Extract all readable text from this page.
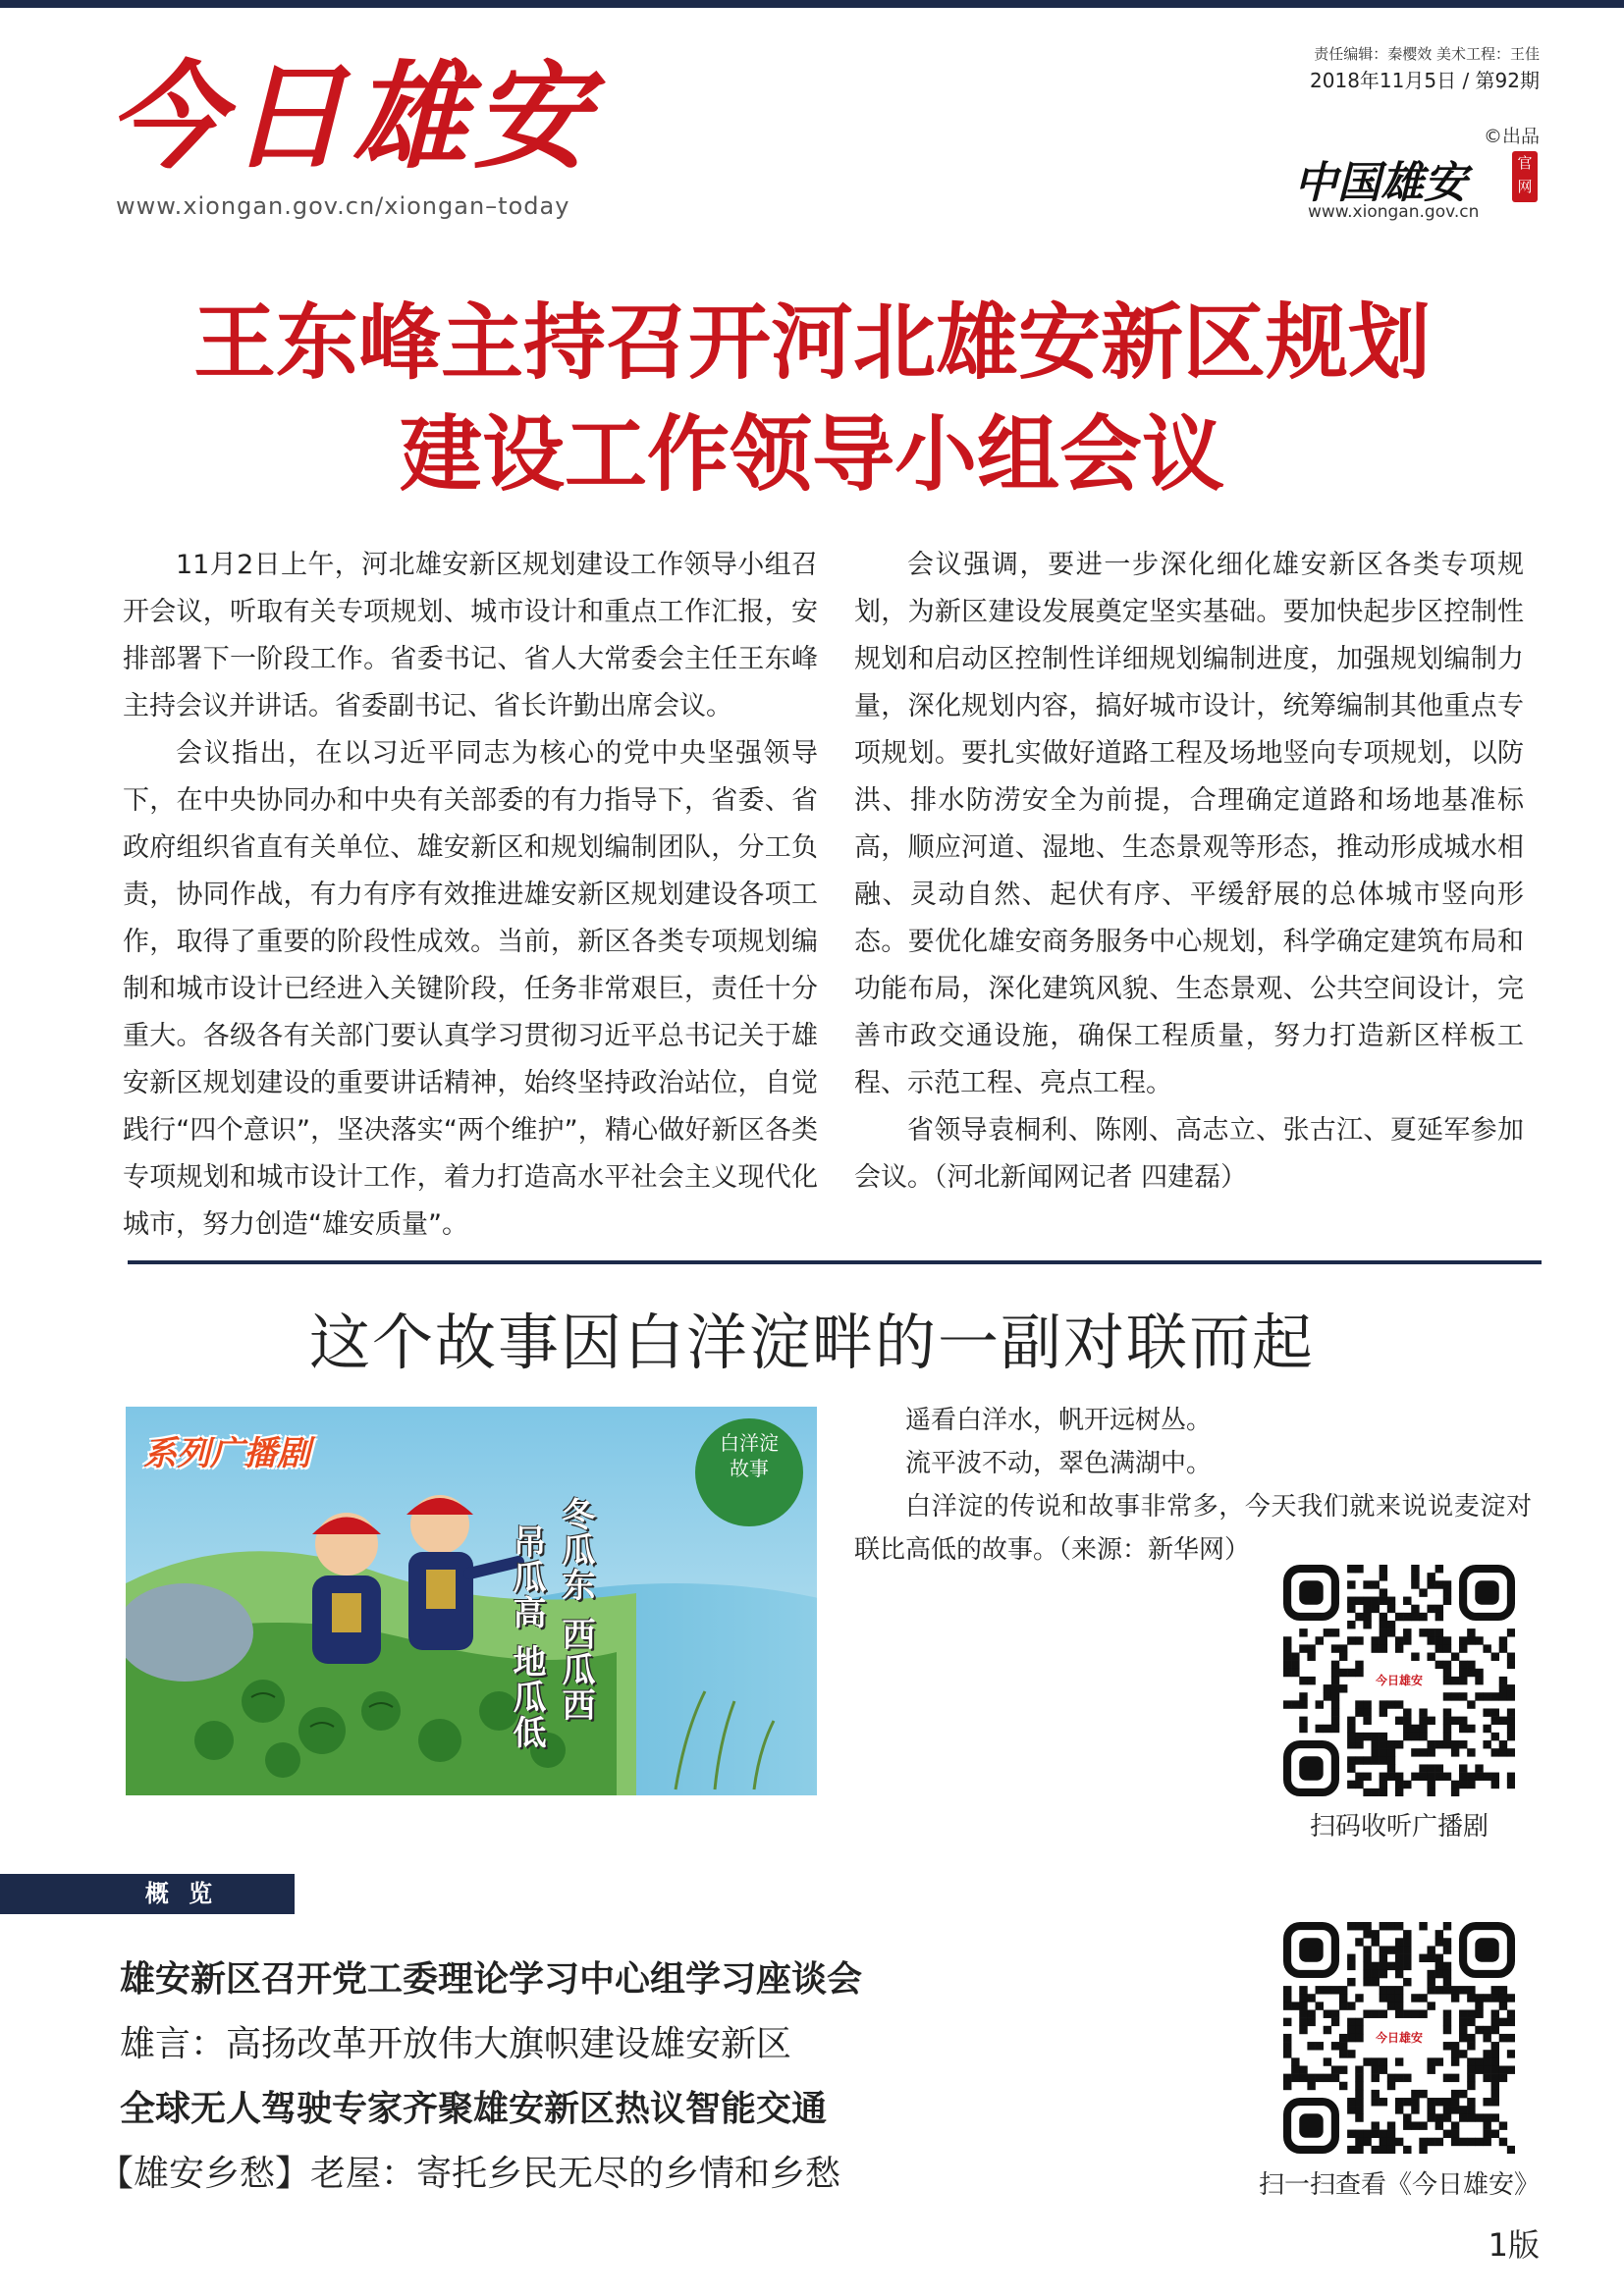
今日雄安
www.xiongan.gov.cn/xiongan–today
责任编辑：秦樱效 美术工程：王佳
2018年11月5日 / 第92期
©出品
中国雄安	官网
www.xiongan.gov.cn
王东峰主持召开河北雄安新区规划
建设工作领导小组会议

11月2日上午，河北雄安新区规划建设工作领导小组召开会议，听取有关专项规划、城市设计和重点工作汇报，安排部署下一阶段工作。省委书记、省人大常委会主任王东峰主持会议并讲话。省委副书记、省长许勤出席会议。

会议指出，在以习近平同志为核心的党中央坚强领导下，在中央协同办和中央有关部委的有力指导下，省委、省政府组织省直有关单位、雄安新区和规划编制团队，分工负责，协同作战，有力有序有效推进雄安新区规划建设各项工作，取得了重要的阶段性成效。当前，新区各类专项规划编制和城市设计已经进入关键阶段，任务非常艰巨，责任十分重大。各级各有关部门要认真学习贯彻习近平总书记关于雄安新区规划建设的重要讲话精神，始终坚持政治站位，自觉践行“四个意识”，坚决落实“两个维护”，精心做好新区各类专项规划和城市设计工作，着力打造高水平社会主义现代化城市，努力创造“雄安质量”。

会议强调，要进一步深化细化雄安新区各类专项规划，为新区建设发展奠定坚实基础。要加快起步区控制性规划和启动区控制性详细规划编制进度，加强规划编制力量，深化规划内容，搞好城市设计，统筹编制其他重点专项规划。要扎实做好道路工程及场地竖向专项规划，以防洪、排水防涝安全为前提，合理确定道路和场地基准标高，顺应河道、湿地、生态景观等形态，推动形成城水相融、灵动自然、起伏有序、平缓舒展的总体城市竖向形态。要优化雄安商务服务中心规划，科学确定建筑布局和功能布局，深化建筑风貌、生态景观、公共空间设计，完善市政交通设施，确保工程质量，努力打造新区样板工程、示范工程、亮点工程。

省领导袁桐利、陈刚、高志立、张古江、夏延军参加会议。（河北新闻网记者 四建磊）

这个故事因白洋淀畔的一副对联而起
系列广播剧	白洋淀
故事
冬瓜东 西瓜西
吊瓜高 地瓜低

遥看白洋水，帆开远树丛。

流平波不动，翠色满湖中。

白洋淀的传说和故事非常多，今天我们就来说说麦淀对联比高低的故事。（来源：新华网）

今日雄安
扫码收听广播剧
概 览
雄安新区召开党工委理论学习中心组学习座谈会
雄言：高扬改革开放伟大旗帜建设雄安新区
全球无人驾驶专家齐聚雄安新区热议智能交通
【雄安乡愁】老屋：寄托乡民无尽的乡情和乡愁
今日雄安
扫一扫查看《今日雄安》
1版
